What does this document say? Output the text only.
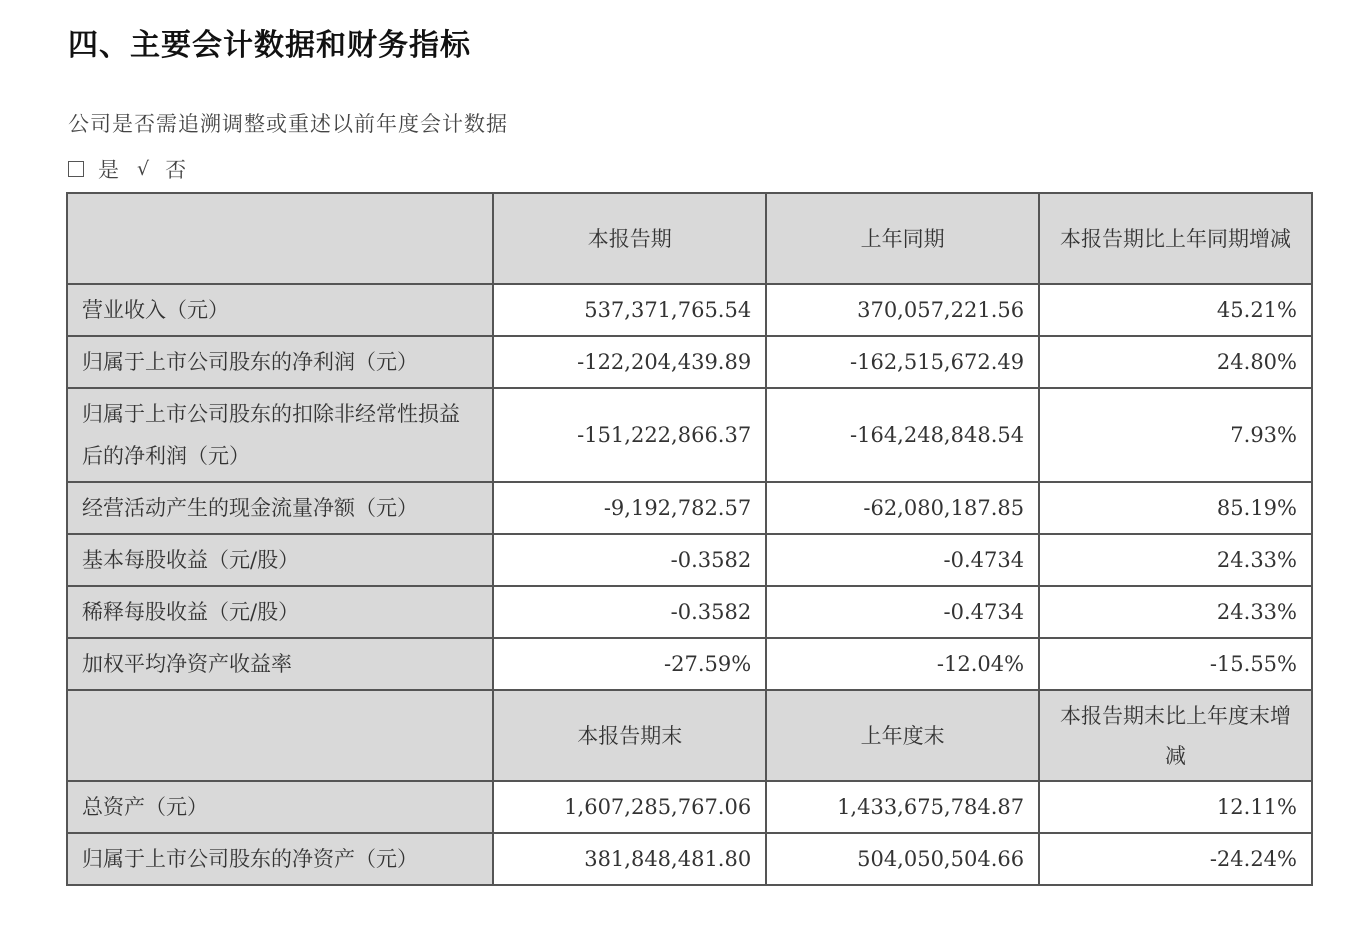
四、主要会计数据和财务指标
公司是否需追溯调整或重述以前年度会计数据
是 √ 否
	本报告期	上年同期	本报告期比上年同期增减
营业收入（元）	537,371,765.54	370,057,221.56	45.21%
归属于上市公司股东的净利润（元）	-122,204,439.89	-162,515,672.49	24.80%
归属于上市公司股东的扣除非经常性损益后的净利润（元）	-151,222,866.37	-164,248,848.54	7.93%
经营活动产生的现金流量净额（元）	-9,192,782.57	-62,080,187.85	85.19%
基本每股收益（元/股）	-0.3582	-0.4734	24.33%
稀释每股收益（元/股）	-0.3582	-0.4734	24.33%
加权平均净资产收益率	-27.59%	-12.04%	-15.55%
	本报告期末	上年度末	本报告期末比上年度末增减
总资产（元）	1,607,285,767.06	1,433,675,784.87	12.11%
归属于上市公司股东的净资产（元）	381,848,481.80	504,050,504.66	-24.24%
